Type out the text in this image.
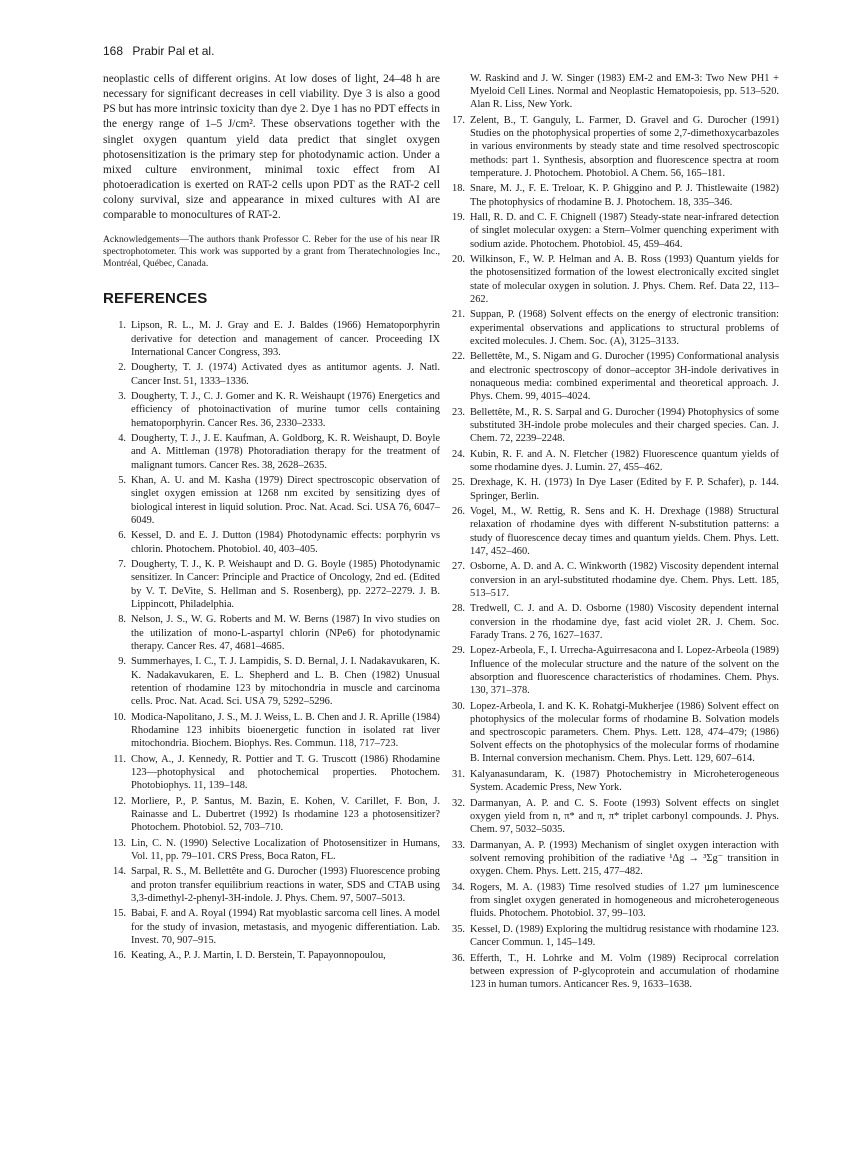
168 Prabir Pal et al.

neoplastic cells of different origins. At low doses of light, 24–48 h are necessary for significant decreases in cell viability. Dye 3 is also a good PS but has more intrinsic toxicity than dye 2. Dye 1 has no PDT effects in the energy range of 1–5 J/cm². These observations together with the singlet oxygen quantum yield data predict that singlet oxygen photosensitization is the primary step for photodynamic action. Under a mixed culture environment, minimal toxic effect from AI photoeradication is exerted on RAT-2 cells upon PDT as the RAT-2 cell colony survival, size and appearance in mixed cultures with AI are comparable to monocultures of RAT-2.

Acknowledgements—The authors thank Professor C. Reber for the use of his near IR spectrophotometer. This work was supported by a grant from Theratechnologies Inc., Montréal, Québec, Canada.

REFERENCES
1. Lipson, R. L., M. J. Gray and E. J. Baldes (1966) Hematoporphyrin derivative for detection and management of cancer. Proceeding IX International Cancer Congress, 393.
2. Dougherty, T. J. (1974) Activated dyes as antitumor agents. J. Natl. Cancer Inst. 51, 1333–1336.
3. Dougherty, T. J., C. J. Gomer and K. R. Weishaupt (1976) Energetics and efficiency of photoinactivation of murine tumor cells containing hematoporphyrin. Cancer Res. 36, 2330–2333.
4. Dougherty, T. J., J. E. Kaufman, A. Goldborg, K. R. Weishaupt, D. Boyle and A. Mittleman (1978) Photoradiation therapy for the treatment of malignant tumors. Cancer Res. 38, 2628–2635.
5. Khan, A. U. and M. Kasha (1979) Direct spectroscopic observation of singlet oxygen emission at 1268 nm excited by sensitizing dyes of biological interest in liquid solution. Proc. Nat. Acad. Sci. USA 76, 6047–6049.
6. Kessel, D. and E. J. Dutton (1984) Photodynamic effects: porphyrin vs chlorin. Photochem. Photobiol. 40, 403–405.
7. Dougherty, T. J., K. P. Weishaupt and D. G. Boyle (1985) Photodynamic sensitizer. In Cancer: Principle and Practice of Oncology, 2nd ed. (Edited by V. T. DeVite, S. Hellman and S. Rosenberg), pp. 2272–2279. J. B. Lippincott, Philadelphia.
8. Nelson, J. S., W. G. Roberts and M. W. Berns (1987) In vivo studies on the utilization of mono-L-aspartyl chlorin (NPe6) for photodynamic therapy. Cancer Res. 47, 4681–4685.
9. Summerhayes, I. C., T. J. Lampidis, S. D. Bernal, J. I. Nadakavukaren, K. K. Nadakavukaren, E. L. Shepherd and L. B. Chen (1982) Unusual retention of rhodamine 123 by mitochondria in muscle and carcinoma cells. Proc. Nat. Acad. Sci. USA 79, 5292–5296.
10. Modica-Napolitano, J. S., M. J. Weiss, L. B. Chen and J. R. Aprille (1984) Rhodamine 123 inhibits bioenergetic function in isolated rat liver mitochondria. Biochem. Biophys. Res. Commun. 118, 717–723.
11. Chow, A., J. Kennedy, R. Pottier and T. G. Truscott (1986) Rhodamine 123—photophysical and photochemical properties. Photochem. Photobiophys. 11, 139–148.
12. Morliere, P., P. Santus, M. Bazin, E. Kohen, V. Carillet, F. Bon, J. Rainasse and L. Dubertret (1992) Is rhodamine 123 a photosensitizer? Photochem. Photobiol. 52, 703–710.
13. Lin, C. N. (1990) Selective Localization of Photosensitizer in Humans, Vol. 11, pp. 79–101. CRS Press, Boca Raton, FL.
14. Sarpal, R. S., M. Bellettête and G. Durocher (1993) Fluorescence probing and proton transfer equilibrium reactions in water, SDS and CTAB using 3,3-dimethyl-2-phenyl-3H-indole. J. Phys. Chem. 97, 5007–5013.
15. Babai, F. and A. Royal (1994) Rat myoblastic sarcoma cell lines. A model for the study of invasion, metastasis, and myogenic differentiation. Lab. Invest. 70, 907–915.
16. Keating, A., P. J. Martin, I. D. Berstein, T. Papayonnopoulou,
W. Raskind and J. W. Singer (1983) EM-2 and EM-3: Two New PH1 + Myeloid Cell Lines. Normal and Neoplastic Hematopoiesis, pp. 513–520. Alan R. Liss, New York.
17. Zelent, B., T. Ganguly, L. Farmer, D. Gravel and G. Durocher (1991) Studies on the photophysical properties of some 2,7-dimethoxycarbazoles in various environments by steady state and time resolved spectroscopic methods: part 1. Synthesis, absorption and fluorescence spectra at room temperature. J. Photochem. Photobiol. A Chem. 56, 165–181.
18. Snare, M. J., F. E. Treloar, K. P. Ghiggino and P. J. Thistlewaite (1982) The photophysics of rhodamine B. J. Photochem. 18, 335–346.
19. Hall, R. D. and C. F. Chignell (1987) Steady-state near-infrared detection of singlet molecular oxygen: a Stern–Volmer quenching experiment with sodium azide. Photochem. Photobiol. 45, 459–464.
20. Wilkinson, F., W. P. Helman and A. B. Ross (1993) Quantum yields for the photosensitized formation of the lowest electronically excited singlet state of molecular oxygen in solution. J. Phys. Chem. Ref. Data 22, 113–262.
21. Suppan, P. (1968) Solvent effects on the energy of electronic transition: experimental observations and applications to structural problems of excited molecules. J. Chem. Soc. (A), 3125–3133.
22. Bellettête, M., S. Nigam and G. Durocher (1995) Conformational analysis and electronic spectroscopy of donor–acceptor 3H-indole derivatives in nonaqueous media: combined experimental and theoretical approach. J. Phys. Chem. 99, 4015–4024.
23. Bellettête, M., R. S. Sarpal and G. Durocher (1994) Photophysics of some substituted 3H-indole probe molecules and their charged species. Can. J. Chem. 72, 2239–2248.
24. Kubin, R. F. and A. N. Fletcher (1982) Fluorescence quantum yields of some rhodamine dyes. J. Lumin. 27, 455–462.
25. Drexhage, K. H. (1973) In Dye Laser (Edited by F. P. Schafer), p. 144. Springer, Berlin.
26. Vogel, M., W. Rettig, R. Sens and K. H. Drexhage (1988) Structural relaxation of rhodamine dyes with different N-substitution patterns: a study of fluorescence decay times and quantum yields. Chem. Phys. Lett. 147, 452–460.
27. Osborne, A. D. and A. C. Winkworth (1982) Viscosity dependent internal conversion in an aryl-substituted rhodamine dye. Chem. Phys. Lett. 185, 513–517.
28. Tredwell, C. J. and A. D. Osborne (1980) Viscosity dependent internal conversion in the rhodamine dye, fast acid violet 2R. J. Chem. Soc. Farady Trans. 2 76, 1627–1637.
29. Lopez-Arbeola, F., I. Urrecha-Aguirresacona and I. Lopez-Arbeola (1989) Influence of the molecular structure and the nature of the solvent on the absorption and fluorescence characteristics of rhodamines. Chem. Phys. 130, 371–378.
30. Lopez-Arbeola, I. and K. K. Rohatgi-Mukherjee (1986) Solvent effect on photophysics of the molecular forms of rhodamine B. Solvation models and spectroscopic parameters. Chem. Phys. Lett. 128, 474–479; (1986) Solvent effects on the photophysics of the molecular forms of rhodamine B. Internal conversion mechanism. Chem. Phys. Lett. 129, 607–614.
31. Kalyanasundaram, K. (1987) Photochemistry in Microheterogeneous System. Academic Press, New York.
32. Darmanyan, A. P. and C. S. Foote (1993) Solvent effects on singlet oxygen yield from n, π* and π, π* triplet carbonyl compounds. J. Phys. Chem. 97, 5032–5035.
33. Darmanyan, A. P. (1993) Mechanism of singlet oxygen interaction with solvent removing prohibition of the radiative ¹Δg → ³Σg⁻ transition in oxygen. Chem. Phys. Lett. 215, 477–482.
34. Rogers, M. A. (1983) Time resolved studies of 1.27 μm luminescence from singlet oxygen generated in homogeneous and microheterogeneous fluids. Photochem. Photobiol. 37, 99–103.
35. Kessel, D. (1989) Exploring the multidrug resistance with rhodamine 123. Cancer Commun. 1, 145–149.
36. Efferth, T., H. Lohrke and M. Volm (1989) Reciprocal correlation between expression of P-glycoprotein and accumulation of rhodamine 123 in human tumors. Anticancer Res. 9, 1633–1638.
